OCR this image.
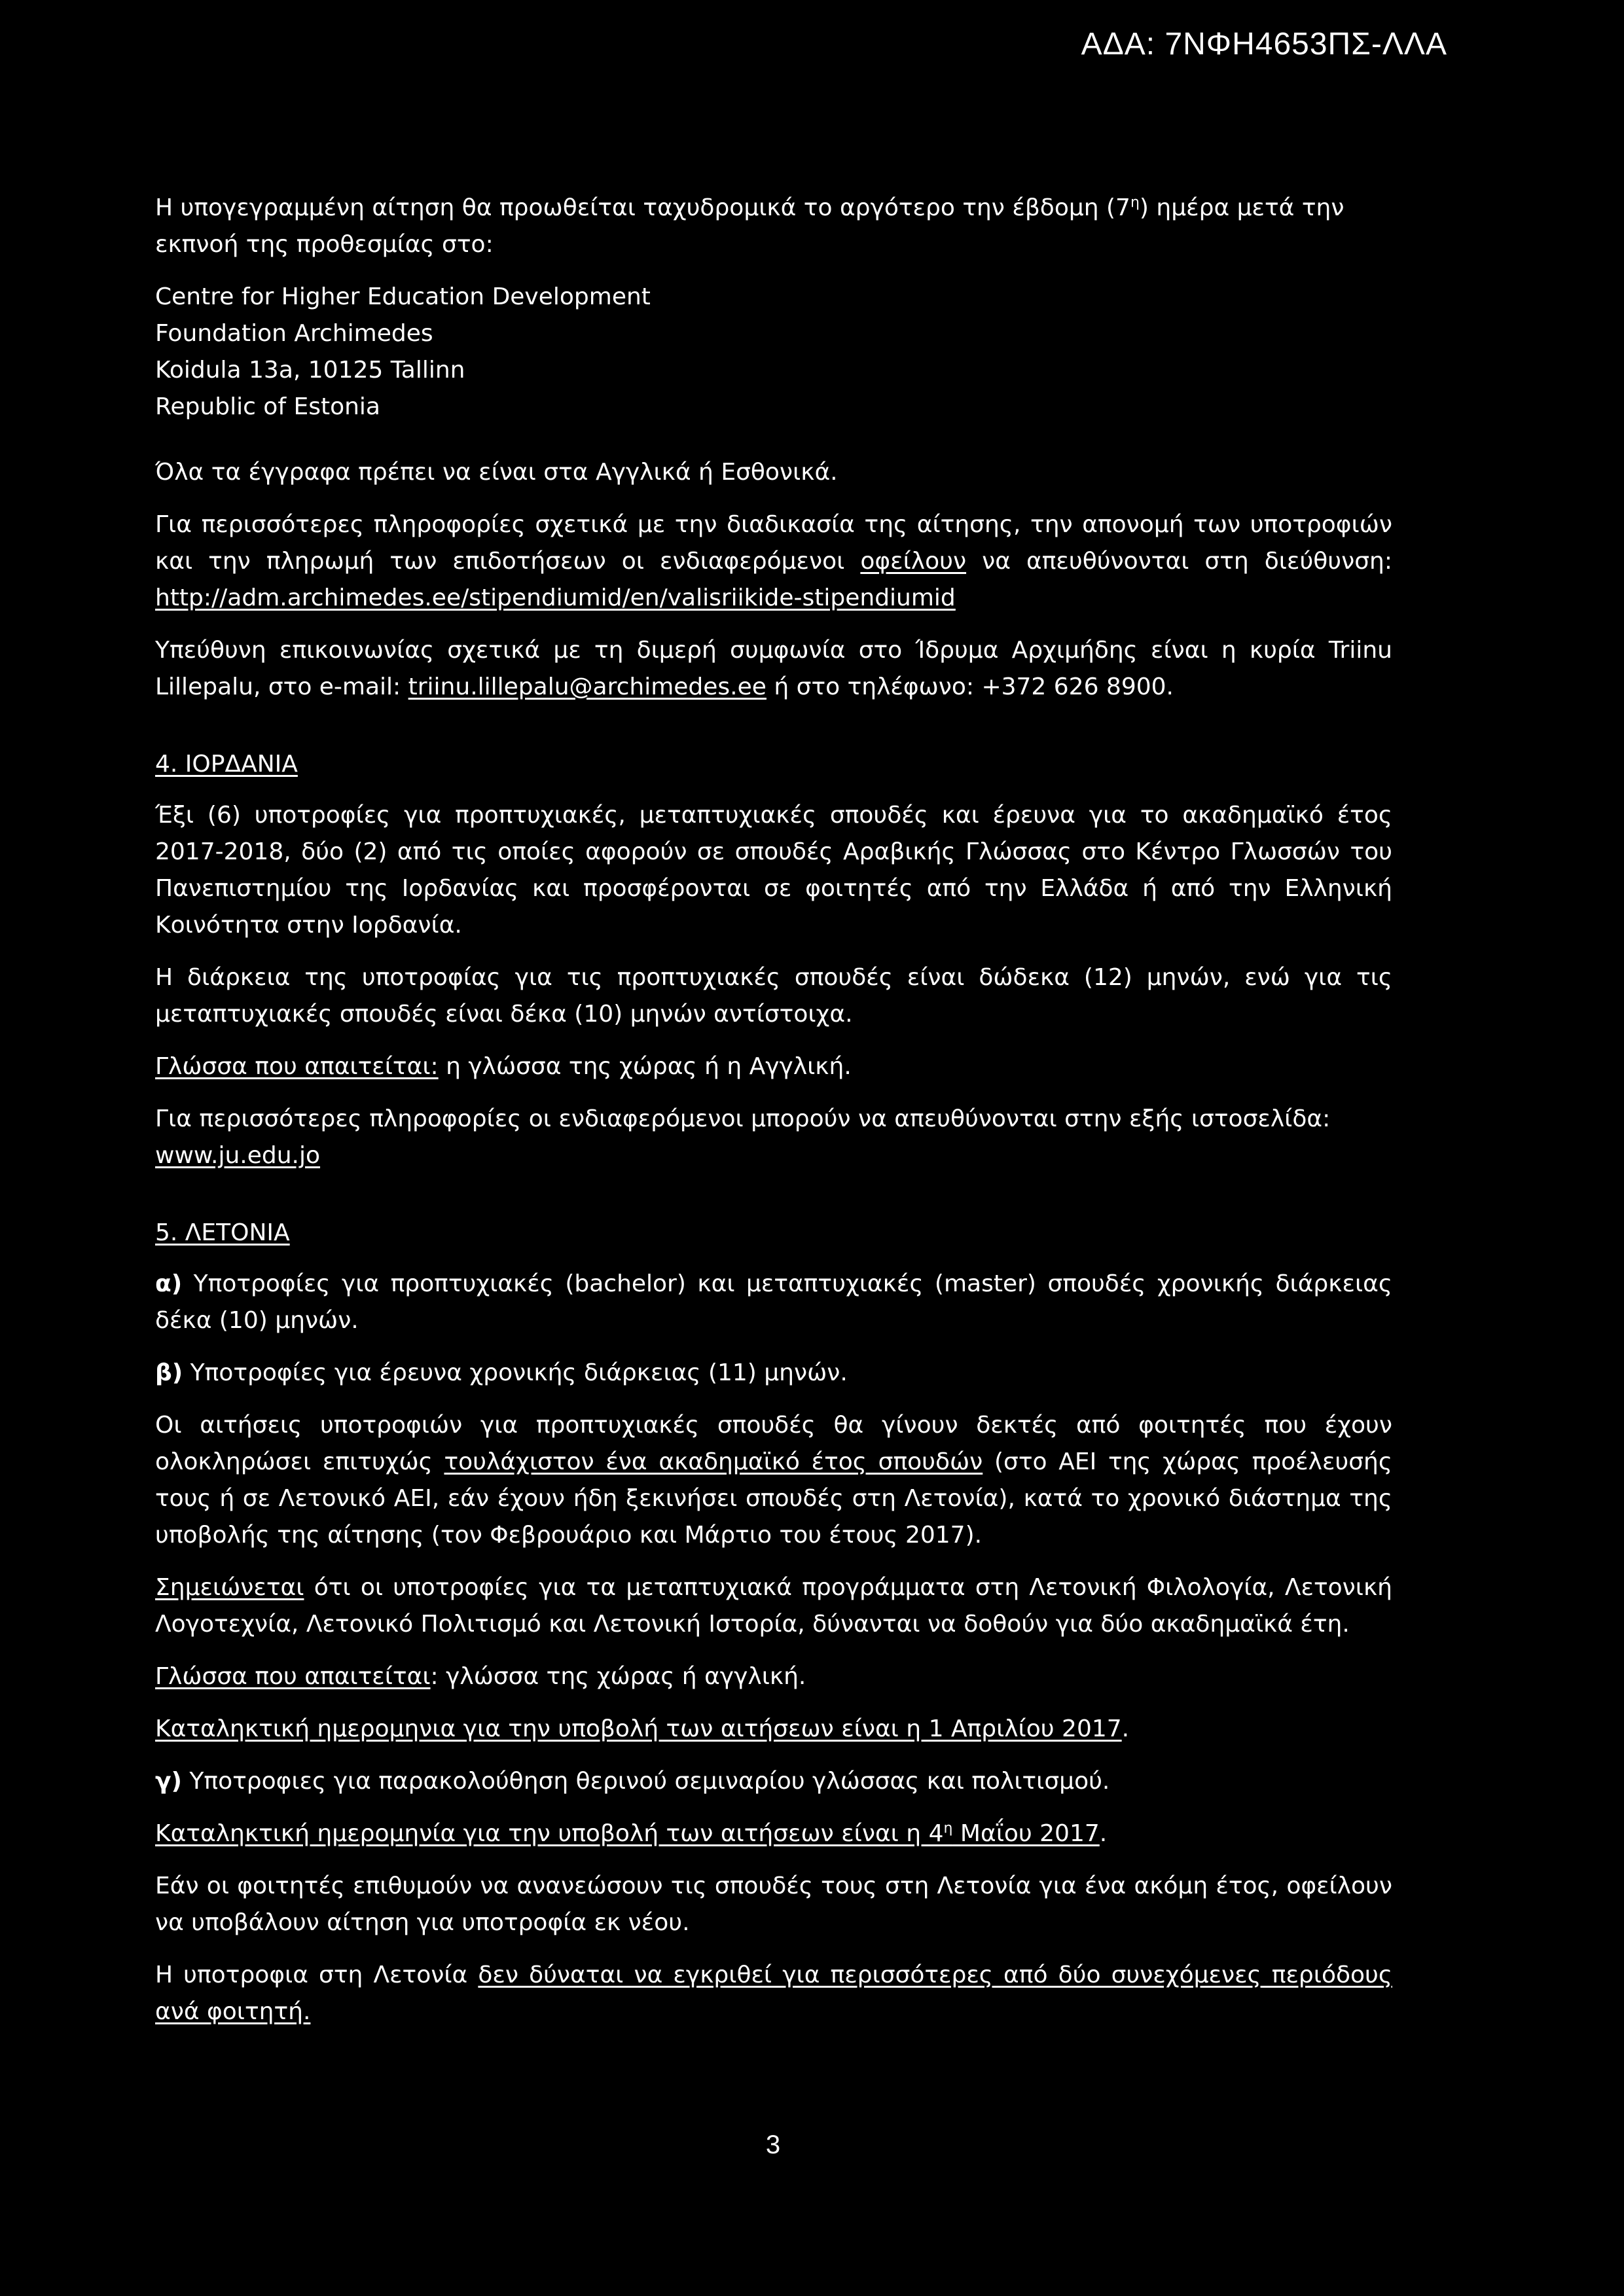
ΑΔΑ: 7ΝΦΗ4653ΠΣ-ΛΛΑ

Η υπογεγραμμένη αίτηση θα προωθείται ταχυδρομικά το αργότερο την έβδομη $(7^\eta)$ ημέρα μετά την εκπνοή της προθεσμίας στο:

Centre for Higher Education Development
Foundation Archimedes
Koidula 13a, 10125 Tallinn
Republic of Estonia

Όλα τα έγγραφα πρέπει να είναι στα Αγγλικά ή Εσθονικά.

Για περισσότερες πληροφορίες σχετικά με την διαδικασία της αίτησης, την απονομή των υποτροφιών και την πληρωμή των επιδοτήσεων οι ενδιαφερόμενοι οφείλουν να απευθύνονται στη διεύθυνση: http://adm.archimedes.ee/stipendiumid/en/valisriikide-stipendiumid

Υπεύθυνη επικοινωνίας σχετικά με τη διμερή συμφωνία στο Ίδρυμα Αρχιμήδης είναι η κυρία Triinu Lillepalu, στο e-mail: triinu.lillepalu@archimedes.ee ή στο τηλέφωνο: +372 626 8900.

4. ΙΟΡΔΑΝΙΑ

Έξι (6) υποτροφίες για προπτυχιακές, μεταπτυχιακές σπουδές και έρευνα για το ακαδημαϊκό έτος 2017-2018, δύο (2) από τις οποίες αφορούν σε σπουδές Αραβικής Γλώσσας στο Κέντρο Γλωσσών του Πανεπιστημίου της Ιορδανίας και προσφέρονται σε φοιτητές από την Ελλάδα ή από την Ελληνική Κοινότητα στην Ιορδανία.

Η διάρκεια της υποτροφίας για τις προπτυχιακές σπουδές είναι δώδεκα (12) μηνών, ενώ για τις μεταπτυχιακές σπουδές είναι δέκα (10) μηνών αντίστοιχα.

Γλώσσα που απαιτείται: η γλώσσα της χώρας ή η Αγγλική.

Για περισσότερες πληροφορίες οι ενδιαφερόμενοι μπορούν να απευθύνονται στην εξής ιστοσελίδα: www.ju.edu.jo

5. ΛΕΤΟΝΙΑ

α) Υποτροφίες για προπτυχιακές (bachelor) και μεταπτυχιακές (master) σπουδές χρονικής διάρκειας δέκα (10) μηνών.

β) Υποτροφίες για έρευνα χρονικής διάρκειας (11) μηνών.

Οι αιτήσεις υποτροφιών για προπτυχιακές σπουδές θα γίνουν δεκτές από φοιτητές που έχουν ολοκληρώσει επιτυχώς τουλάχιστον ένα ακαδημαϊκό έτος σπουδών (στο ΑΕΙ της χώρας προέλευσής τους ή σε Λετονικό ΑΕΙ, εάν έχουν ήδη ξεκινήσει σπουδές στη Λετονία), κατά το χρονικό διάστημα της υποβολής της αίτησης (τον Φεβρουάριο και Μάρτιο του έτους 2017).

Σημειώνεται ότι οι υποτροφίες για τα μεταπτυχιακά προγράμματα στη Λετονική Φιλολογία, Λετονική Λογοτεχνία, Λετονικό Πολιτισμό και Λετονική Ιστορία, δύνανται να δοθούν για δύο ακαδημαϊκά έτη.

Γλώσσα που απαιτείται: γλώσσα της χώρας ή αγγλική.

Καταληκτική ημερομηνια για την υποβολή των αιτήσεων είναι η 1 Απριλίου 2017.

γ) Υποτροφιες για παρακολούθηση θερινού σεμιναρίου γλώσσας και πολιτισμού.

Καταληκτική ημερομηνία για την υποβολή των αιτήσεων είναι η $4^\eta$ Μαΐου 2017.

Εάν οι φοιτητές επιθυμούν να ανανεώσουν τις σπουδές τους στη Λετονία για ένα ακόμη έτος, οφείλουν να υποβάλουν αίτηση για υποτροφία εκ νέου.

Η υποτροφια στη Λετονία δεν δύναται να εγκριθεί για περισσότερες από δύο συνεχόμενες περιόδους ανά φοιτητή.

3
